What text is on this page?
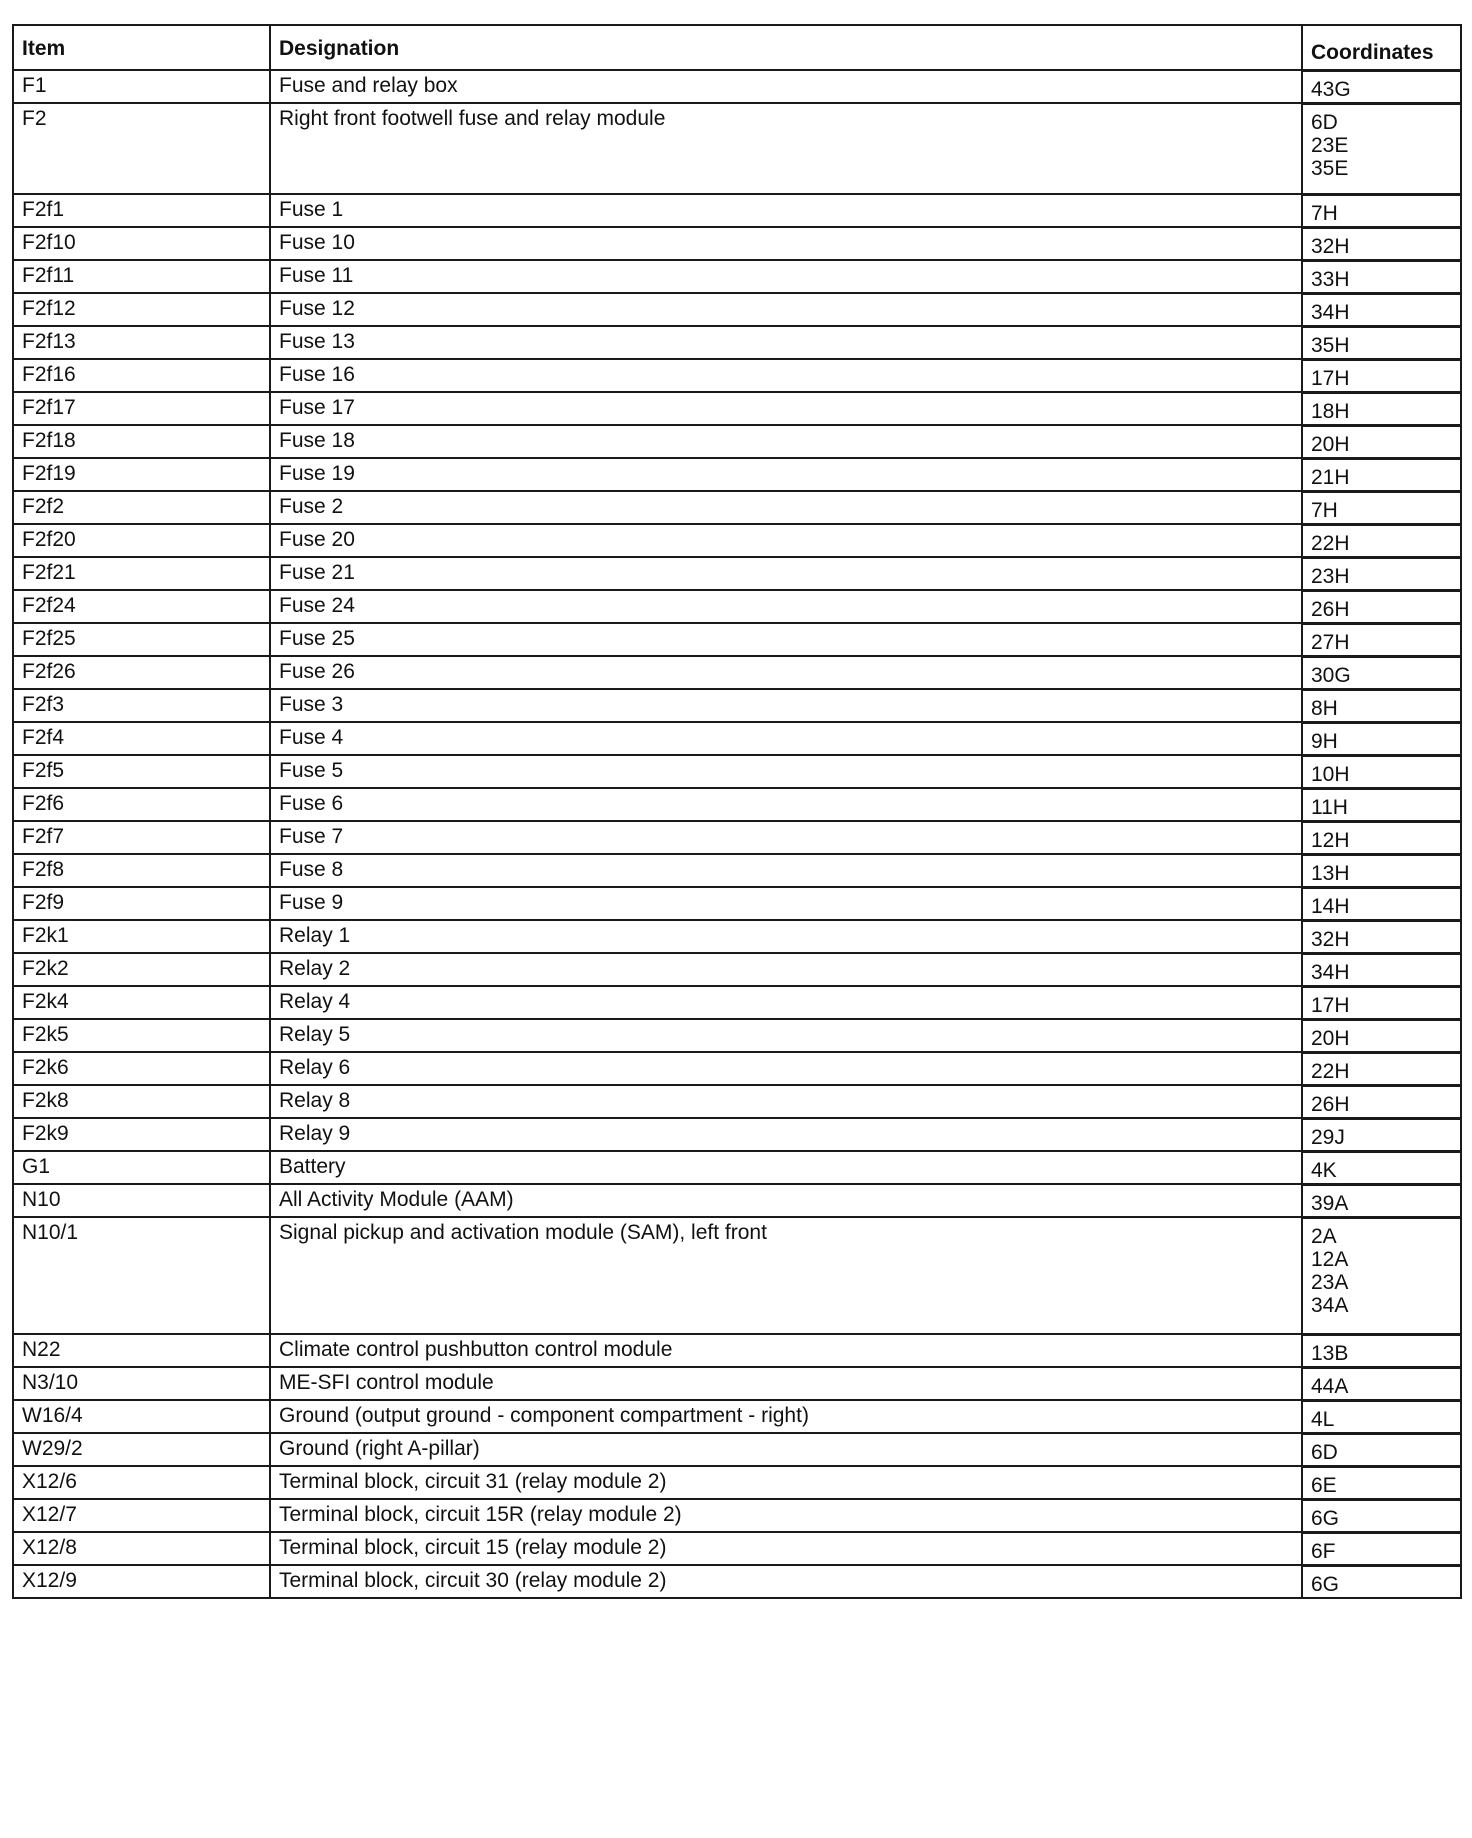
Item	Designation	Coordinates
F1	Fuse and relay box	43G

F2	Right front footwell fuse and relay module	6D
23E
35E

F2f1	Fuse 1	7H

F2f10	Fuse 10	32H

F2f11	Fuse 11	33H

F2f12	Fuse 12	34H

F2f13	Fuse 13	35H

F2f16	Fuse 16	17H

F2f17	Fuse 17	18H

F2f18	Fuse 18	20H

F2f19	Fuse 19	21H

F2f2	Fuse 2	7H

F2f20	Fuse 20	22H

F2f21	Fuse 21	23H

F2f24	Fuse 24	26H

F2f25	Fuse 25	27H

F2f26	Fuse 26	30G

F2f3	Fuse 3	8H

F2f4	Fuse 4	9H

F2f5	Fuse 5	10H

F2f6	Fuse 6	11H

F2f7	Fuse 7	12H

F2f8	Fuse 8	13H

F2f9	Fuse 9	14H

F2k1	Relay 1	32H

F2k2	Relay 2	34H

F2k4	Relay 4	17H

F2k5	Relay 5	20H

F2k6	Relay 6	22H

F2k8	Relay 8	26H

F2k9	Relay 9	29J

G1	Battery	4K

N10	All Activity Module (AAM)	39A

N10/1	Signal pickup and activation module (SAM), left front	2A
12A
23A
34A

N22	Climate control pushbutton control module	13B

N3/10	ME-SFI control module	44A

W16/4	Ground (output ground - component compartment - right)	4L

W29/2	Ground (right A-pillar)	6D

X12/6	Terminal block, circuit 31 (relay module 2)	6E

X12/7	Terminal block, circuit 15R (relay module 2)	6G

X12/8	Terminal block, circuit 15 (relay module 2)	6F

X12/9	Terminal block, circuit 30 (relay module 2)	6G
